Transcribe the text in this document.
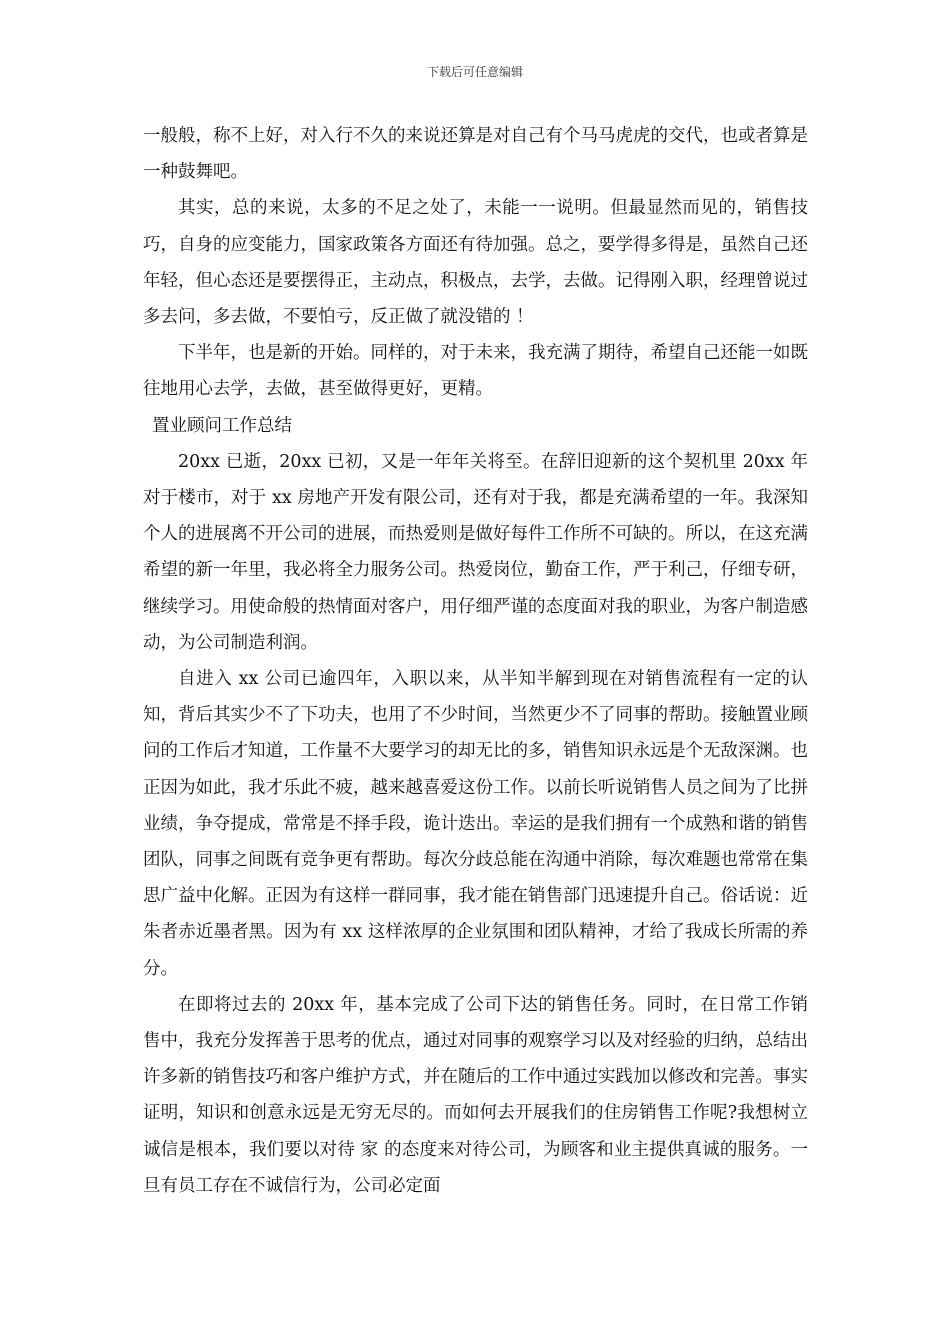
下载后可任意编辑

一般般，称不上好，对入行不久的来说还算是对自己有个马马虎虎的交代，也或者算是一种鼓舞吧。

其实，总的来说，太多的不足之处了，未能一一说明。但最显然而见的，销售技巧，自身的应变能力，国家政策各方面还有待加强。总之，要学得多得是，虽然自己还年轻，但心态还是要摆得正，主动点，积极点，去学，去做。记得刚入职，经理曾说过 多去问，多去做，不要怕亏，反正做了就没错的 ！

下半年，也是新的开始。同样的，对于未来，我充满了期待，希望自己还能一如既往地用心去学，去做，甚至做得更好，更精。

置业顾问工作总结

20xx 已逝，20xx 已初，又是一年年关将至。在辞旧迎新的这个契机里 20xx 年对于楼市，对于 xx 房地产开发有限公司，还有对于我，都是充满希望的一年。我深知个人的进展离不开公司的进展，而热爱则是做好每件工作所不可缺的。所以，在这充满希望的新一年里，我必将全力服务公司。热爱岗位，勤奋工作，严于利己，仔细专研，继续学习。用使命般的热情面对客户，用仔细严谨的态度面对我的职业，为客户制造感动，为公司制造利润。

自进入 xx 公司已逾四年，入职以来，从半知半解到现在对销售流程有一定的认知，背后其实少不了下功夫，也用了不少时间，当然更少不了同事的帮助。接触置业顾问的工作后才知道，工作量不大要学习的却无比的多，销售知识永远是个无敌深渊。也正因为如此，我才乐此不疲，越来越喜爱这份工作。以前长听说销售人员之间为了比拼业绩，争夺提成，常常是不择手段，诡计迭出。幸运的是我们拥有一个成熟和谐的销售团队，同事之间既有竞争更有帮助。每次分歧总能在沟通中消除，每次难题也常常在集思广益中化解。正因为有这样一群同事，我才能在销售部门迅速提升自己。俗话说：近朱者赤近墨者黑。因为有 xx 这样浓厚的企业氛围和团队精神，才给了我成长所需的养分。

在即将过去的 20xx 年，基本完成了公司下达的销售任务。同时，在日常工作销售中，我充分发挥善于思考的优点，通过对同事的观察学习以及对经验的归纳，总结出许多新的销售技巧和客户维护方式，并在随后的工作中通过实践加以修改和完善。事实证明，知识和创意永远是无穷无尽的。而如何去开展我们的住房销售工作呢?我想树立诚信是根本，我们要以对待 家 的态度来对待公司，为顾客和业主提供真诚的服务。一旦有员工存在不诚信行为，公司必定面
